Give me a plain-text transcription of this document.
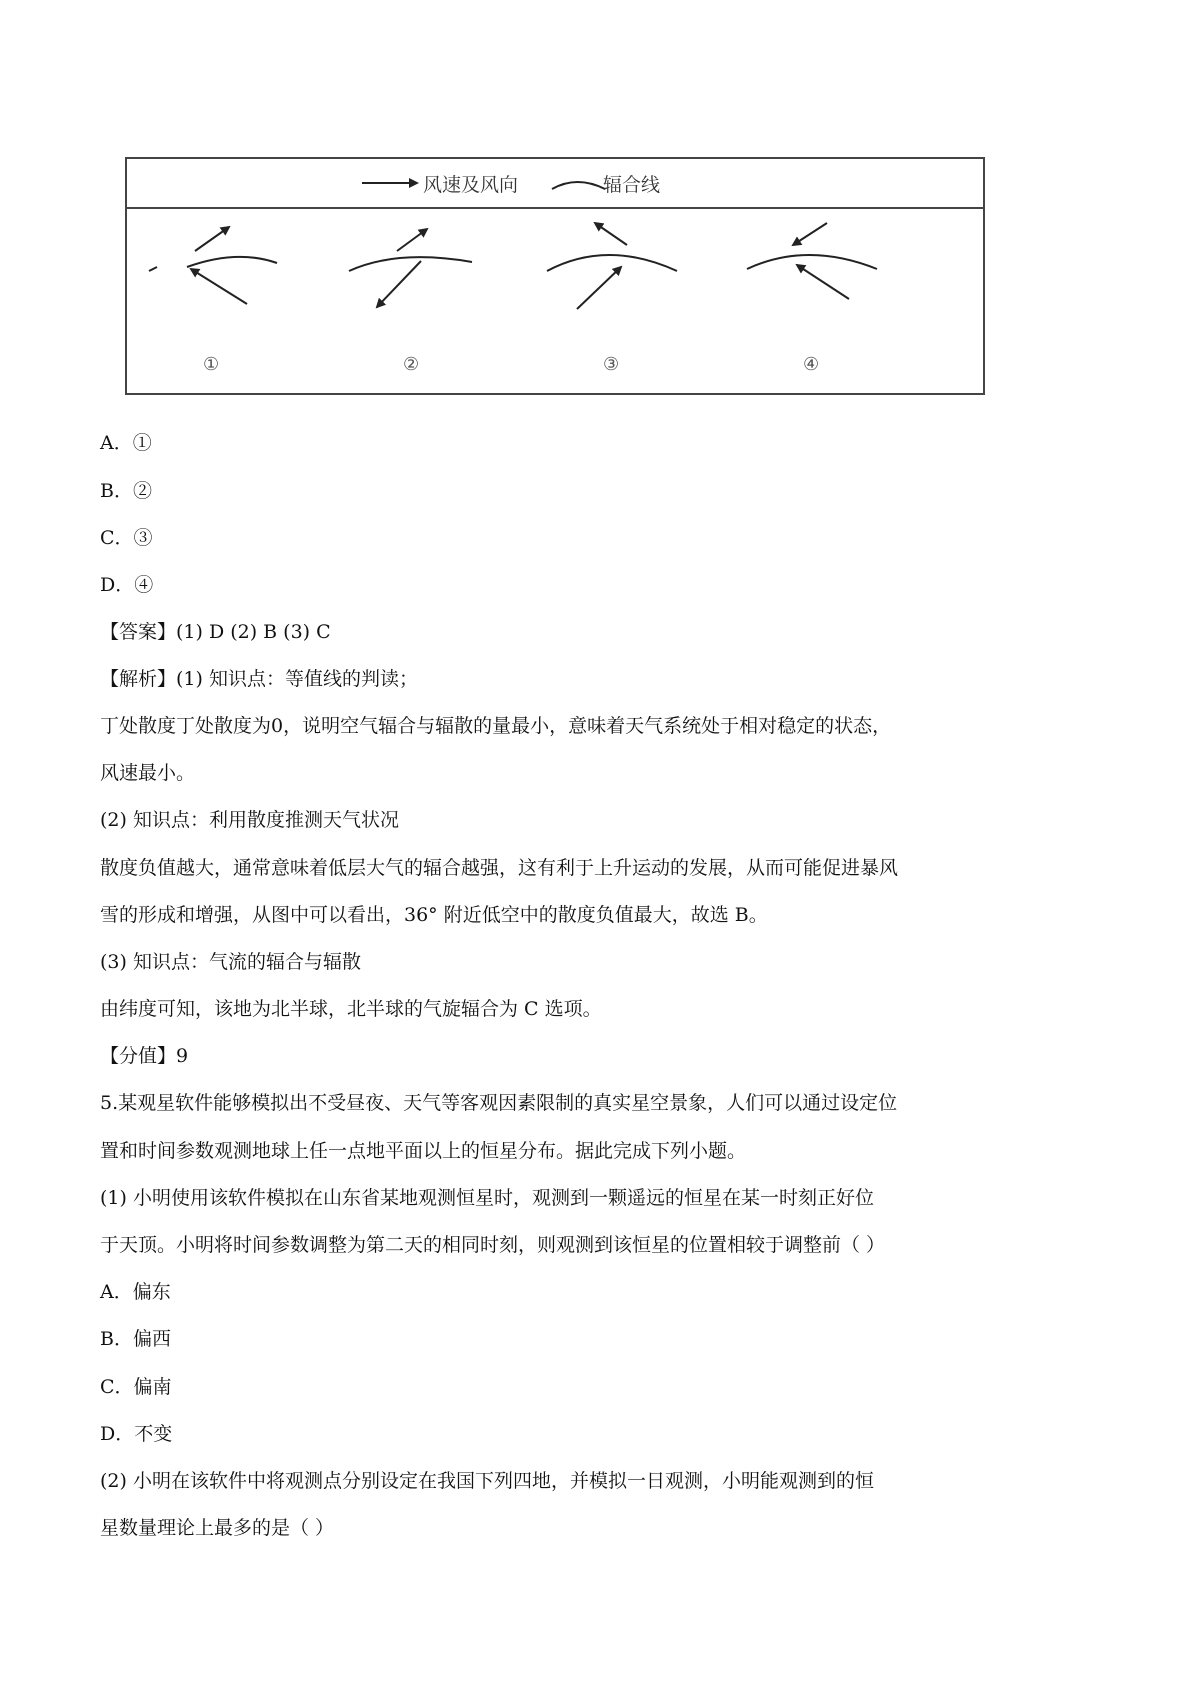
风速及风向	辐合线
①	②	③	④
A．①
B．②
C．③
D．④
【答案】(1) D (2) B (3) C
【解析】(1) 知识点：等值线的判读；
丁处散度丁处散度为0，说明空气辐合与辐散的量最小，意味着天气系统处于相对稳定的状态，
风速最小。
(2) 知识点：利用散度推测天气状况
散度负值越大，通常意味着低层大气的辐合越强，这有利于上升运动的发展，从而可能促进暴风
雪的形成和增强，从图中可以看出，36° 附近低空中的散度负值最大，故选 B。
(3) 知识点：气流的辐合与辐散
由纬度可知，该地为北半球，北半球的气旋辐合为 C 选项。
【分值】9
5.某观星软件能够模拟出不受昼夜、天气等客观因素限制的真实星空景象，人们可以通过设定位
置和时间参数观测地球上任一点地平面以上的恒星分布。据此完成下列小题。
(1) 小明使用该软件模拟在山东省某地观测恒星时，观测到一颗遥远的恒星在某一时刻正好位
于天顶。小明将时间参数调整为第二天的相同时刻，则观测到该恒星的位置相较于调整前（ ）
A．偏东
B．偏西
C．偏南
D．不变
(2) 小明在该软件中将观测点分别设定在我国下列四地，并模拟一日观测，小明能观测到的恒
星数量理论上最多的是（ ）
